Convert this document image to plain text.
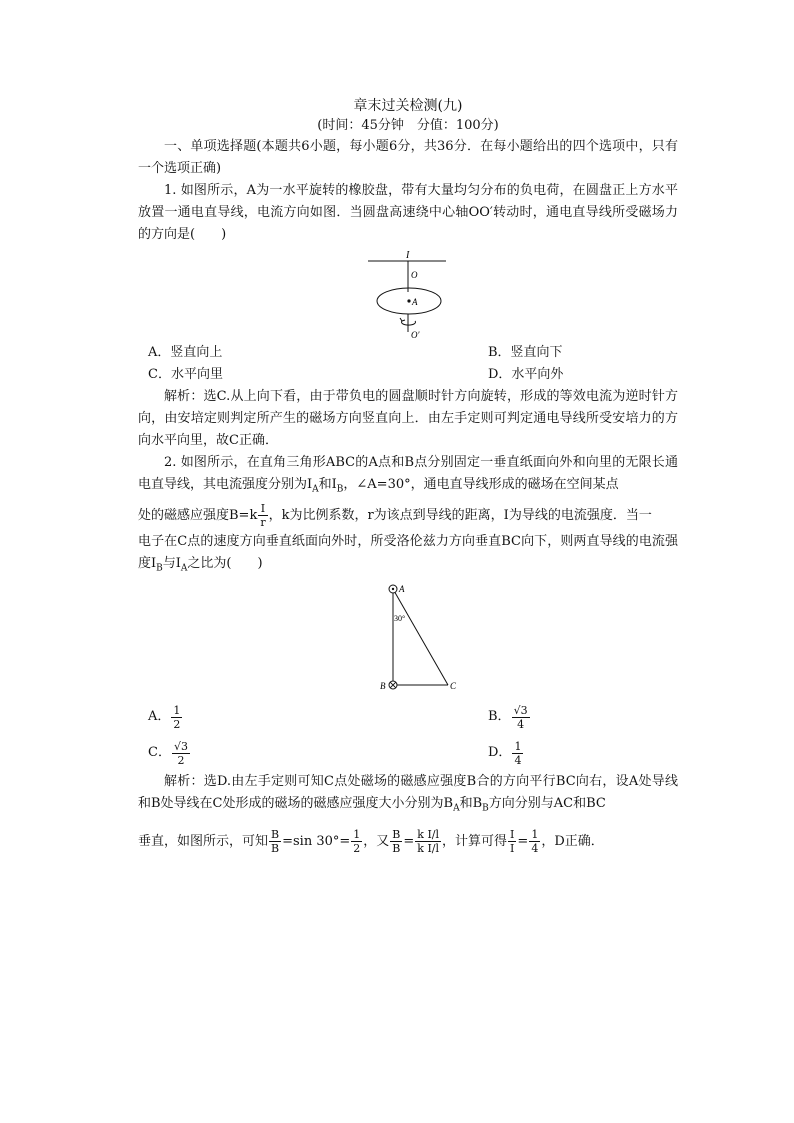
章末过关检测(九)
(时间：45分钟　分值：100分)

一、单项选择题(本题共6小题，每小题6分，共36分．在每小题给出的四个选项中，只有一个选项正确)

1. 如图所示，A为一水平旋转的橡胶盘，带有大量均匀分布的负电荷，在圆盘正上方水平放置一通电直导线，电流方向如图．当圆盘高速绕中心轴OO′转动时，通电直导线所受磁场力的方向是(　　)

I
O
A
O′
A．竖直向上	B．竖直向下
C．水平向里	D．水平向外

解析：选C.从上向下看，由于带负电的圆盘顺时针方向旋转，形成的等效电流为逆时针方向，由安培定则判定所产生的磁场方向竖直向上．由左手定则可判定通电导线所受安培力的方向水平向里，故C正确．

2. 如图所示，在直角三角形ABC的A点和B点分别固定一垂直纸面向外和向里的无限长通电直导线，其电流强度分别为$I_A$和$I_B$，∠A=30°，通电直导线形成的磁场在空间某点

处的磁感应强度$B=k \frac{I}{r}$ ，k为比例系数，r为该点到导线的距离，I为导线的电流强度．当一

电子在C点的速度方向垂直纸面向外时，所受洛伦兹力方向垂直BC向下，则两直导线的电流强度$I_B$与$I_A$之比为(　　)

A
30°
B	C
A． $\frac{1}{2}$	B． $\frac{√3}{4}$
C． $\frac{√3}{2}$	D． $\frac{1}{4}$

解析：选D.由左手定则可知C点处磁场的磁感应强度B合的方向平行BC向右，设A处导线和B处导线在C处形成的磁场的磁感应强度大小分别为$B_A$和$B_B$方向分别与AC和BC

垂直，如图所示，可知 $\frac{B}{B} =\sin$ $30^\circ= \frac{1}{2}$ ，又 $\frac{B}{B} = \frac{\text{k I/l}}{\text{k I/l}}$ ，计算可得 $\frac{I}{I} = \frac{1}{4}$ ，D正确．
